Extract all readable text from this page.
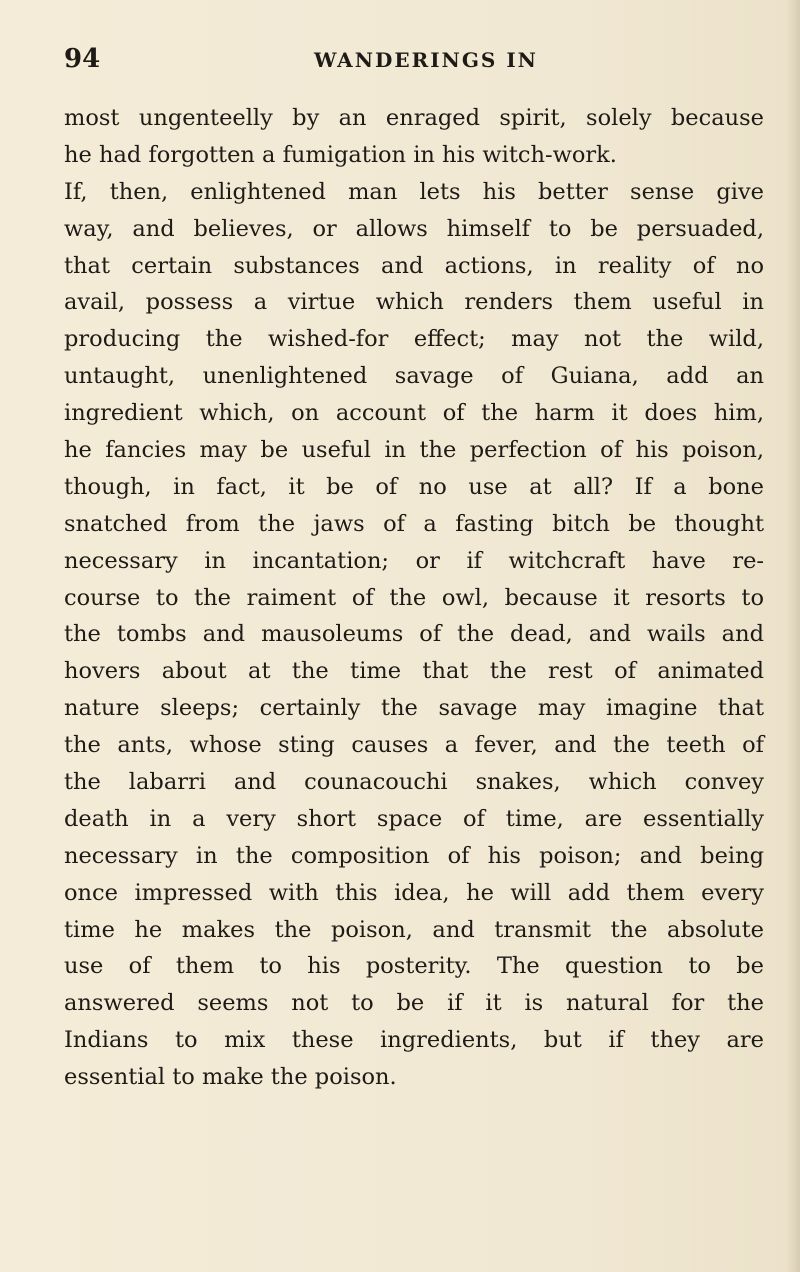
94	WANDERINGS IN
most ungenteelly by an enraged spirit, solely because
he had forgotten a fumigation in his witch-work.
If, then, enlightened man lets his better sense give
way, and believes, or allows himself to be persuaded,
that certain substances and actions, in reality of no
avail, possess a virtue which renders them useful in
producing the wished-for effect; may not the wild,
untaught, unenlightened savage of Guiana, add an
ingredient which, on account of the harm it does him,
he fancies may be useful in the perfection of his poison,
though, in fact, it be of no use at all? If a bone
snatched from the jaws of a fasting bitch be thought
necessary in incantation; or if witchcraft have re-
course to the raiment of the owl, because it resorts to
the tombs and mausoleums of the dead, and wails and
hovers about at the time that the rest of animated
nature sleeps; certainly the savage may imagine that
the ants, whose sting causes a fever, and the teeth of
the labarri and counacouchi snakes, which convey
death in a very short space of time, are essentially
necessary in the composition of his poison; and being
once impressed with this idea, he will add them every
time he makes the poison, and transmit the absolute
use of them to his posterity. The question to be
answered seems not to be if it is natural for the
Indians to mix these ingredients, but if they are
essential to make the poison.
